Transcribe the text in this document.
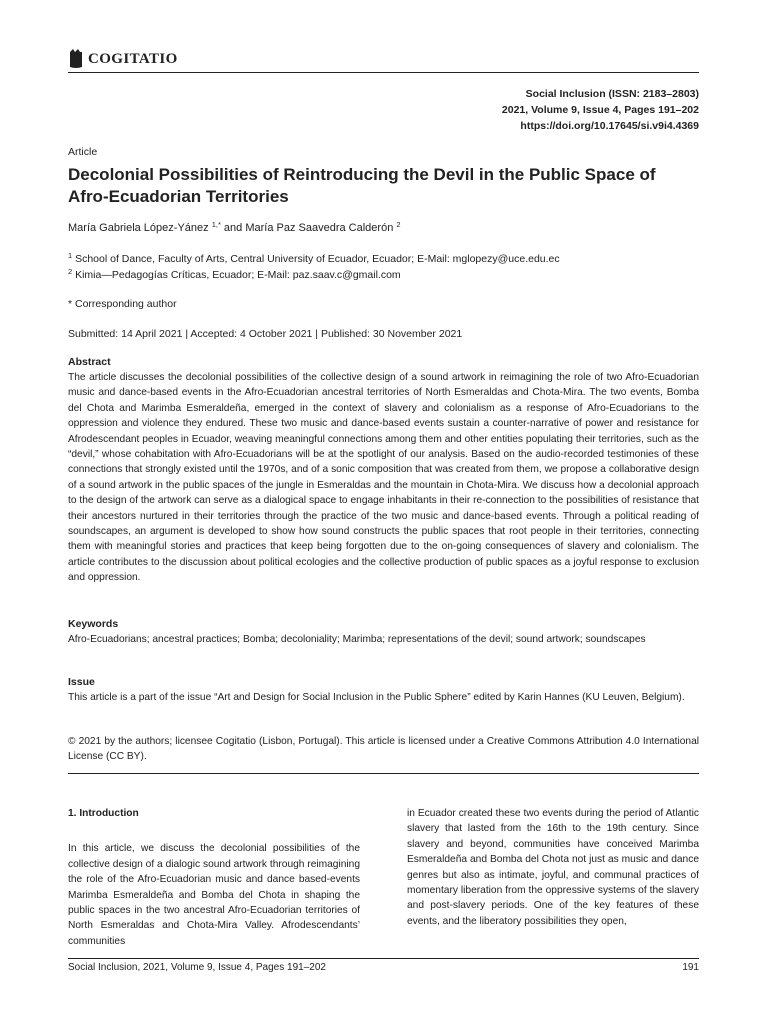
COGITATIO
Social Inclusion (ISSN: 2183–2803)
2021, Volume 9, Issue 4, Pages 191–202
https://doi.org/10.17645/si.v9i4.4369
Article
Decolonial Possibilities of Reintroducing the Devil in the Public Space of Afro-Ecuadorian Territories
María Gabriela López-Yánez $^{1,*}$ and María Paz Saavedra Calderón $^2$
$^1$ School of Dance, Faculty of Arts, Central University of Ecuador, Ecuador; E-Mail: mglopezy@uce.edu.ec
$^2$ Kimia—Pedagogías Críticas, Ecuador; E-Mail: paz.saav.c@gmail.com
* Corresponding author
Submitted: 14 April 2021 | Accepted: 4 October 2021 | Published: 30 November 2021
Abstract

The article discusses the decolonial possibilities of the collective design of a sound artwork in reimagining the role of two Afro-Ecuadorian music and dance-based events in the Afro-Ecuadorian ancestral territories of North Esmeraldas and Chota-Mira. The two events, Bomba del Chota and Marimba Esmeraldeña, emerged in the context of slavery and colonialism as a response of Afro-Ecuadorians to the oppression and violence they endured. These two music and dance-based events sustain a counter-narrative of power and resistance for Afrodescendant peoples in Ecuador, weaving meaningful connections among them and other entities populating their territories, such as the “devil,” whose cohabitation with Afro-Ecuadorians will be at the spotlight of our analysis. Based on the audio-recorded testimonies of these connections that strongly existed until the 1970s, and of a sonic composition that was created from them, we propose a collaborative design of a sound artwork in the public spaces of the jungle in Esmeraldas and the mountain in Chota-Mira. We discuss how a decolonial approach to the design of the artwork can serve as a dialogical space to engage inhabitants in their re-connection to the possibilities of resistance that their ancestors nurtured in their territories through the practice of the two music and dance-based events. Through a political reading of soundscapes, an argument is developed to show how sound constructs the public spaces that root people in their territories, connecting them with meaningful stories and practices that keep being forgotten due to the on-going consequences of slavery and colonialism. The article contributes to the discussion about political ecologies and the collective production of public spaces as a joyful response to exclusion and oppression.

Keywords

Afro-Ecuadorians; ancestral practices; Bomba; decoloniality; Marimba; representations of the devil; sound artwork; soundscapes

Issue

This article is a part of the issue “Art and Design for Social Inclusion in the Public Sphere” edited by Karin Hannes (KU Leuven, Belgium).

© 2021 by the authors; licensee Cogitatio (Lisbon, Portugal). This article is licensed under a Creative Commons Attribution 4.0 International License (CC BY).

1. Introduction

In this article, we discuss the decolonial possibilities of the collective design of a dialogic sound artwork through reimagining the role of the Afro-Ecuadorian music and dance based-events Marimba Esmeraldeña and Bomba del Chota in shaping the public spaces in the two ancestral Afro-Ecuadorian territories of North Esmeraldas and Chota-Mira Valley. Afrodescendants’ communities

in Ecuador created these two events during the period of Atlantic slavery that lasted from the 16th to the 19th century. Since slavery and beyond, communities have conceived Marimba Esmeraldeña and Bomba del Chota not just as music and dance genres but also as intimate, joyful, and communal practices of momentary liberation from the oppressive systems of the slavery and post-slavery periods. One of the key features of these events, and the liberatory possibilities they open,

Social Inclusion, 2021, Volume 9, Issue 4, Pages 191–202	191
